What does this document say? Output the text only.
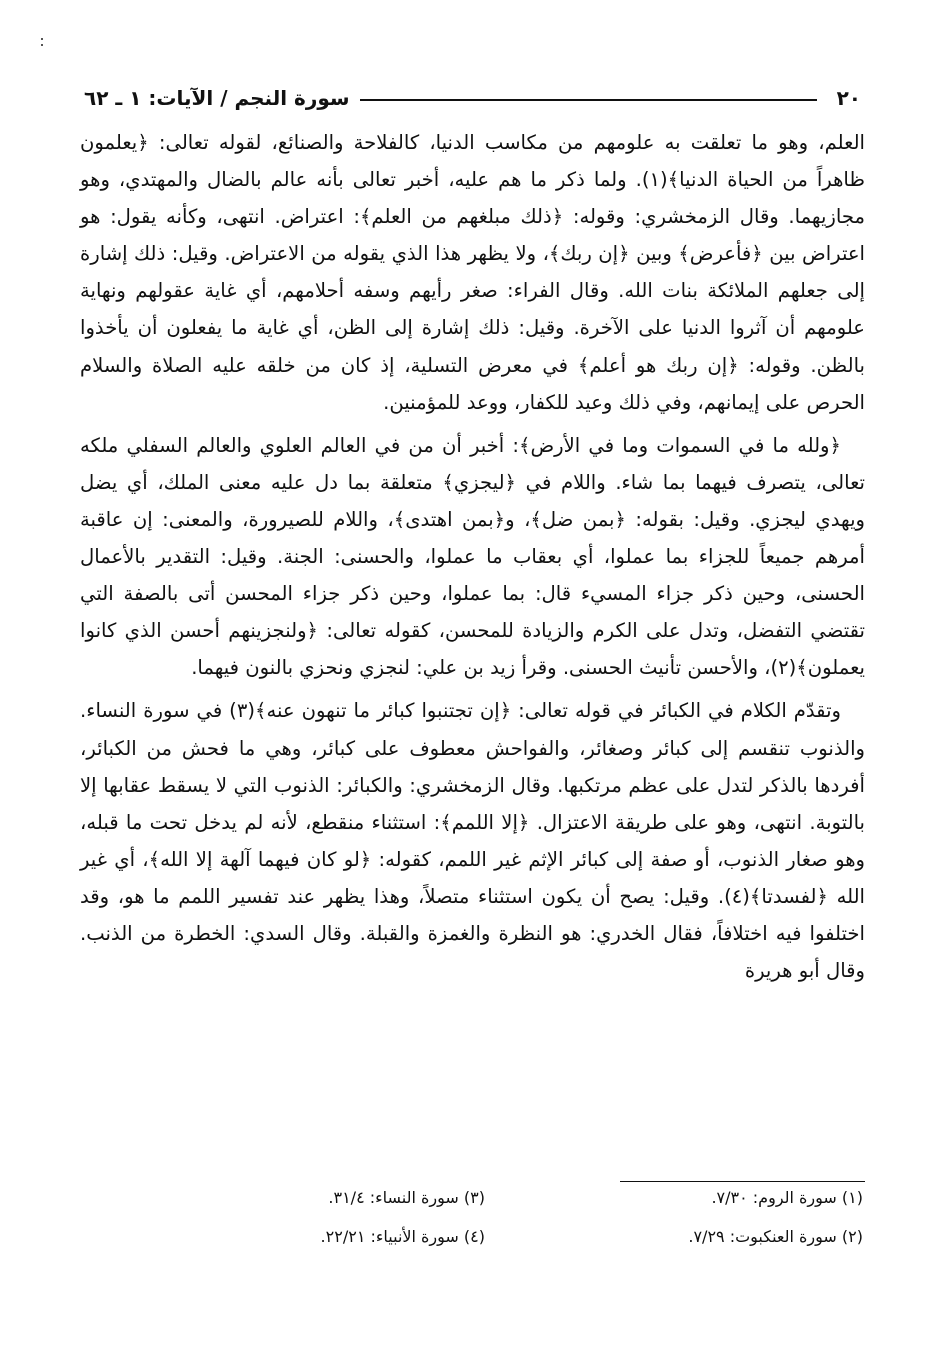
٢٠
سورة النجم / الآيات: ١ ـ ٦٢

العلم، وهو ما تعلقت به علومهم من مكاسب الدنيا، كالفلاحة والصنائع، لقوله تعالى: ﴿يعلمون ظاهراً من الحياة الدنيا﴾(١). ولما ذكر ما هم عليه، أخبر تعالى بأنه عالم بالضال والمهتدي، وهو مجازيهما. وقال الزمخشري: وقوله: ﴿ذلك مبلغهم من العلم﴾: اعتراض. انتهى، وكأنه يقول: هو اعتراض بين ﴿فأعرض﴾ وبين ﴿إن ربك﴾، ولا يظهر هذا الذي يقوله من الاعتراض. وقيل: ذلك إشارة إلى جعلهم الملائكة بنات الله. وقال الفراء: صغر رأيهم وسفه أحلامهم، أي غاية عقولهم ونهاية علومهم أن آثروا الدنيا على الآخرة. وقيل: ذلك إشارة إلى الظن، أي غاية ما يفعلون أن يأخذوا بالظن. وقوله: ﴿إن ربك هو أعلم﴾ في معرض التسلية، إذ كان من خلقه عليه الصلاة والسلام الحرص على إيمانهم، وفي ذلك وعيد للكفار، ووعد للمؤمنين.

﴿ولله ما في السموات وما في الأرض﴾: أخبر أن من في العالم العلوي والعالم السفلي ملكه تعالى، يتصرف فيهما بما شاء. واللام في ﴿ليجزي﴾ متعلقة بما دل عليه معنى الملك، أي يضل ويهدي ليجزي. وقيل: بقوله: ﴿بمن ضل﴾، و﴿بمن اهتدى﴾، واللام للصيرورة، والمعنى: إن عاقبة أمرهم جميعاً للجزاء بما عملوا، أي بعقاب ما عملوا، والحسنى: الجنة. وقيل: التقدير بالأعمال الحسنى، وحين ذكر جزاء المسيء قال: بما عملوا، وحين ذكر جزاء المحسن أتى بالصفة التي تقتضي التفضل، وتدل على الكرم والزيادة للمحسن، كقوله تعالى: ﴿ولنجزينهم أحسن الذي كانوا يعملون﴾(٢)، والأحسن تأنيث الحسنى. وقرأ زيد بن علي: لنجزي ونحزي بالنون فيهما.

وتقدّم الكلام في الكبائر في قوله تعالى: ﴿إن تجتنبوا كبائر ما تنهون عنه﴾(٣) في سورة النساء. والذنوب تنقسم إلى كبائر وصغائر، والفواحش معطوف على كبائر، وهي ما فحش من الكبائر، أفردها بالذكر لتدل على عظم مرتكبها. وقال الزمخشري: والكبائر: الذنوب التي لا يسقط عقابها إلا بالتوبة. انتهى، وهو على طريقة الاعتزال. ﴿إلا اللمم﴾: استثناء منقطع، لأنه لم يدخل تحت ما قبله، وهو صغار الذنوب، أو صفة إلى كبائر الإثم غير اللمم، كقوله: ﴿لو كان فيهما آلهة إلا الله﴾، أي غير الله ﴿لفسدتا﴾(٤). وقيل: يصح أن يكون استثناء متصلاً، وهذا يظهر عند تفسير اللمم ما هو، وقد اختلفوا فيه اختلافاً، فقال الخدري: هو النظرة والغمزة والقبلة. وقال السدي: الخطرة من الذنب. وقال أبو هريرة

(١) سورة الروم: ٧/٣٠.
(٢) سورة العنكبوت: ٧/٢٩.
(٣) سورة النساء: ٣١/٤.
(٤) سورة الأنبياء: ٢٢/٢١.
